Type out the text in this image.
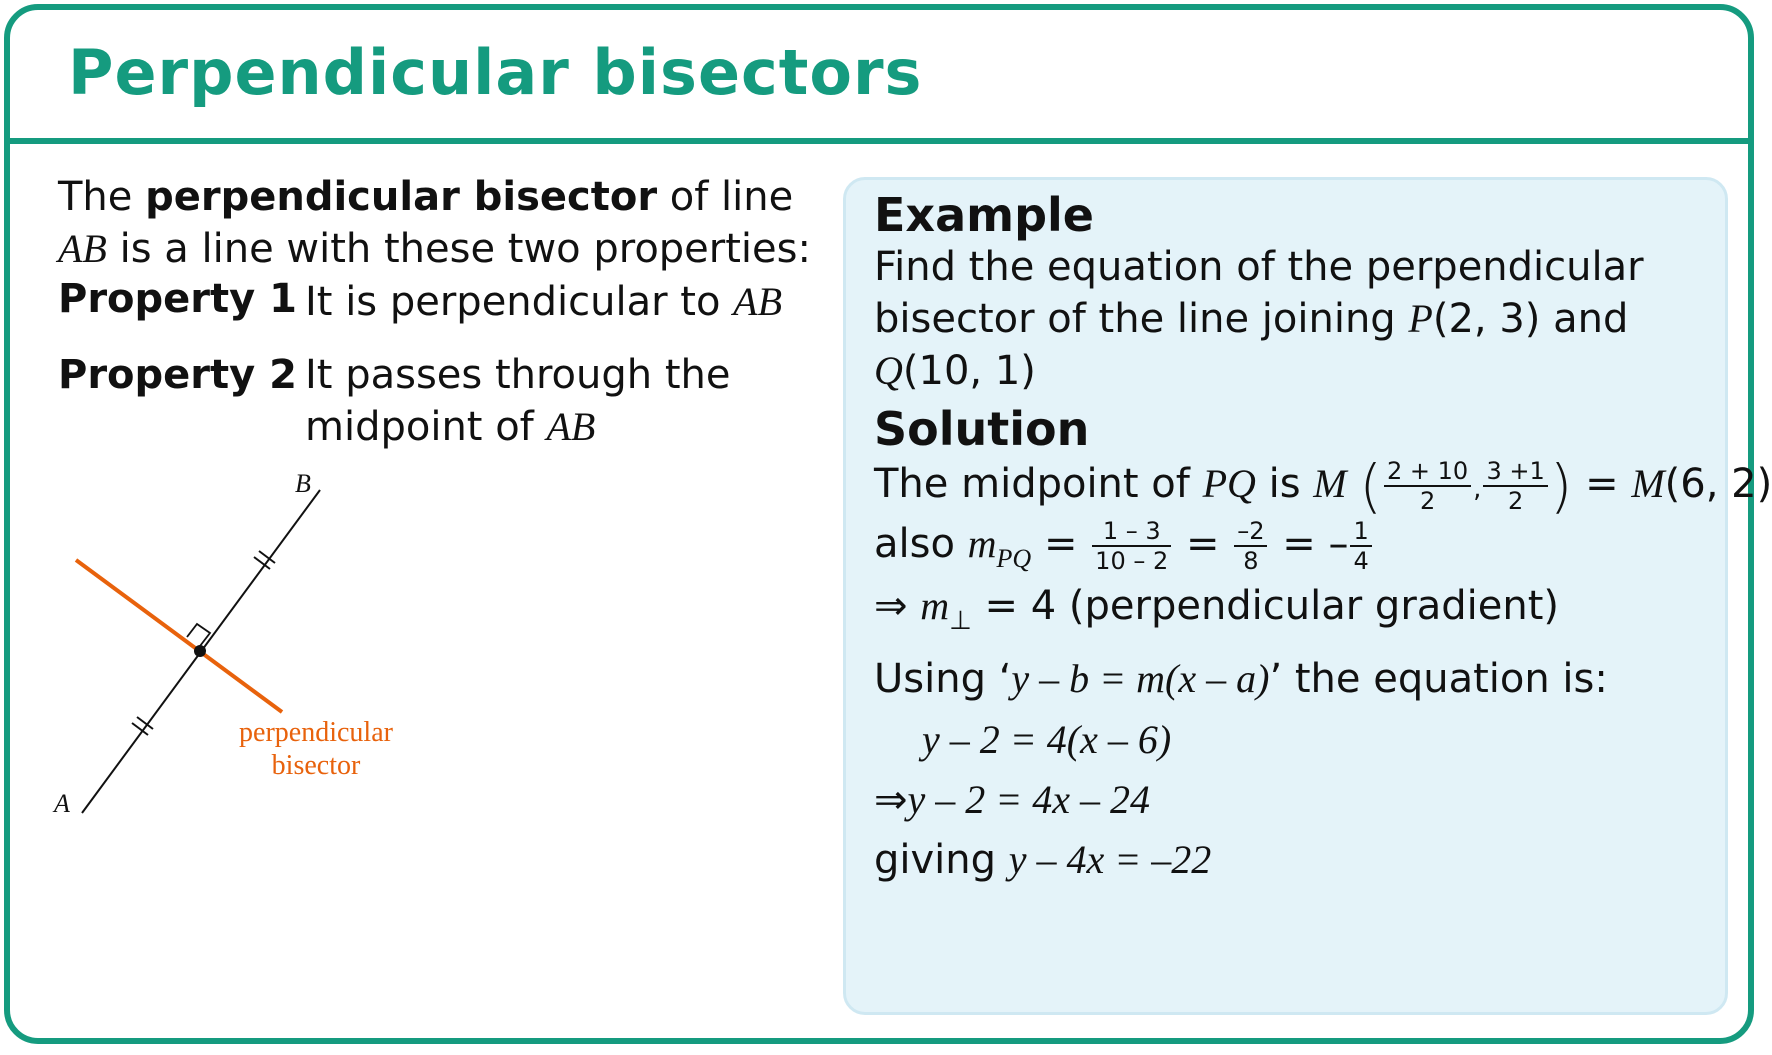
Perpendicular bisectors

The perpendicular bisector of line AB is a line with these two properties:

Property 1 It is perpendicular to AB
Property 2 It passes through the midpoint of AB
B
A
perpendicular
bisector
Example
Find the equation of the perpendicular bisector of the line joining P(2, 3) and Q(10, 1)
Solution
The midpoint of PQ is M ( $\frac{2 + 10}{2}$ , $\frac{3 +1}{2}$ ) = M(6, 2)
also $m_{PQ} = \frac{1 - 3}{10 - 2} = \frac{-2}{8}$ = – $\frac{1}{4}$
⇒ $m_\perp = 4$ (perpendicular gradient)
Using ‘y – b = m(x – a)’ the equation is:
y – 2 = 4(x – 6)
⇒y – 2 = 4x – 24
giving y – 4x = –22
